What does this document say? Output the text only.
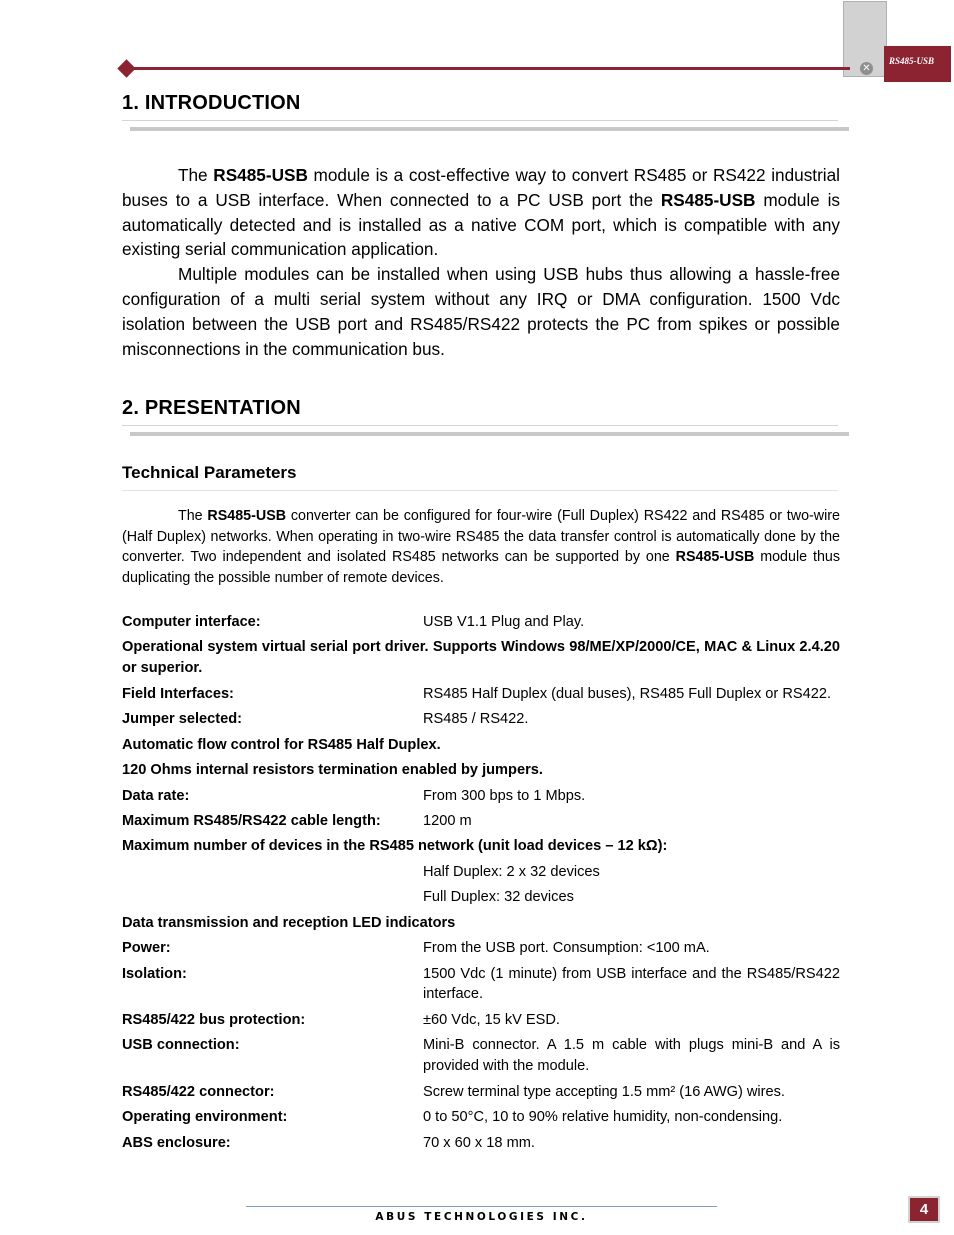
✕
RS485-USB
1. INTRODUCTION

The RS485-USB module is a cost-effective way to convert RS485 or RS422 industrial buses to a USB interface. When connected to a PC USB port the RS485-USB module is automatically detected and is installed as a native COM port, which is compatible with any existing serial communication application.

Multiple modules can be installed when using USB hubs thus allowing a hassle-free configuration of a multi serial system without any IRQ or DMA configuration. 1500 Vdc isolation between the USB port and RS485/RS422 protects the PC from spikes or possible misconnections in the communication bus.

2. PRESENTATION
Technical Parameters

The RS485-USB converter can be configured for four-wire (Full Duplex) RS422 and RS485 or two-wire (Half Duplex) networks. When operating in two-wire RS485 the data transfer control is automatically done by the converter. Two independent and isolated RS485 networks can be supported by one RS485-USB module thus duplicating the possible number of remote devices.

Computer interface:	USB V1.1 Plug and Play.
Operational system virtual serial port driver. Supports Windows 98/ME/XP/2000/CE, MAC & Linux 2.4.20 or superior.
Field Interfaces:	RS485 Half Duplex (dual buses), RS485 Full Duplex or RS422.
Jumper selected:	RS485 / RS422.
Automatic flow control for RS485 Half Duplex.
120 Ohms internal resistors termination enabled by jumpers.
Data rate:	From 300 bps to 1 Mbps.
Maximum RS485/RS422 cable length:	1200 m
Maximum number of devices in the RS485 network (unit load devices – 12 kΩ):
Half Duplex: 2 x 32 devices
Full Duplex: 32 devices
Data transmission and reception LED indicators
Power:	From the USB port. Consumption: <100 mA.
Isolation:	1500 Vdc (1 minute) from USB interface and the RS485/RS422 interface.
RS485/422 bus protection:	±60 Vdc, 15 kV ESD.
USB connection:	Mini-B connector. A 1.5 m cable with plugs mini-B and A is provided with the module.
RS485/422 connector:	Screw terminal type accepting 1.5 mm² (16 AWG) wires.
Operating environment:	0 to 50°C, 10 to 90% relative humidity, non-condensing.
ABS enclosure:	70 x 60 x 18 mm.
ABUS TECHNOLOGIES INC.	4
